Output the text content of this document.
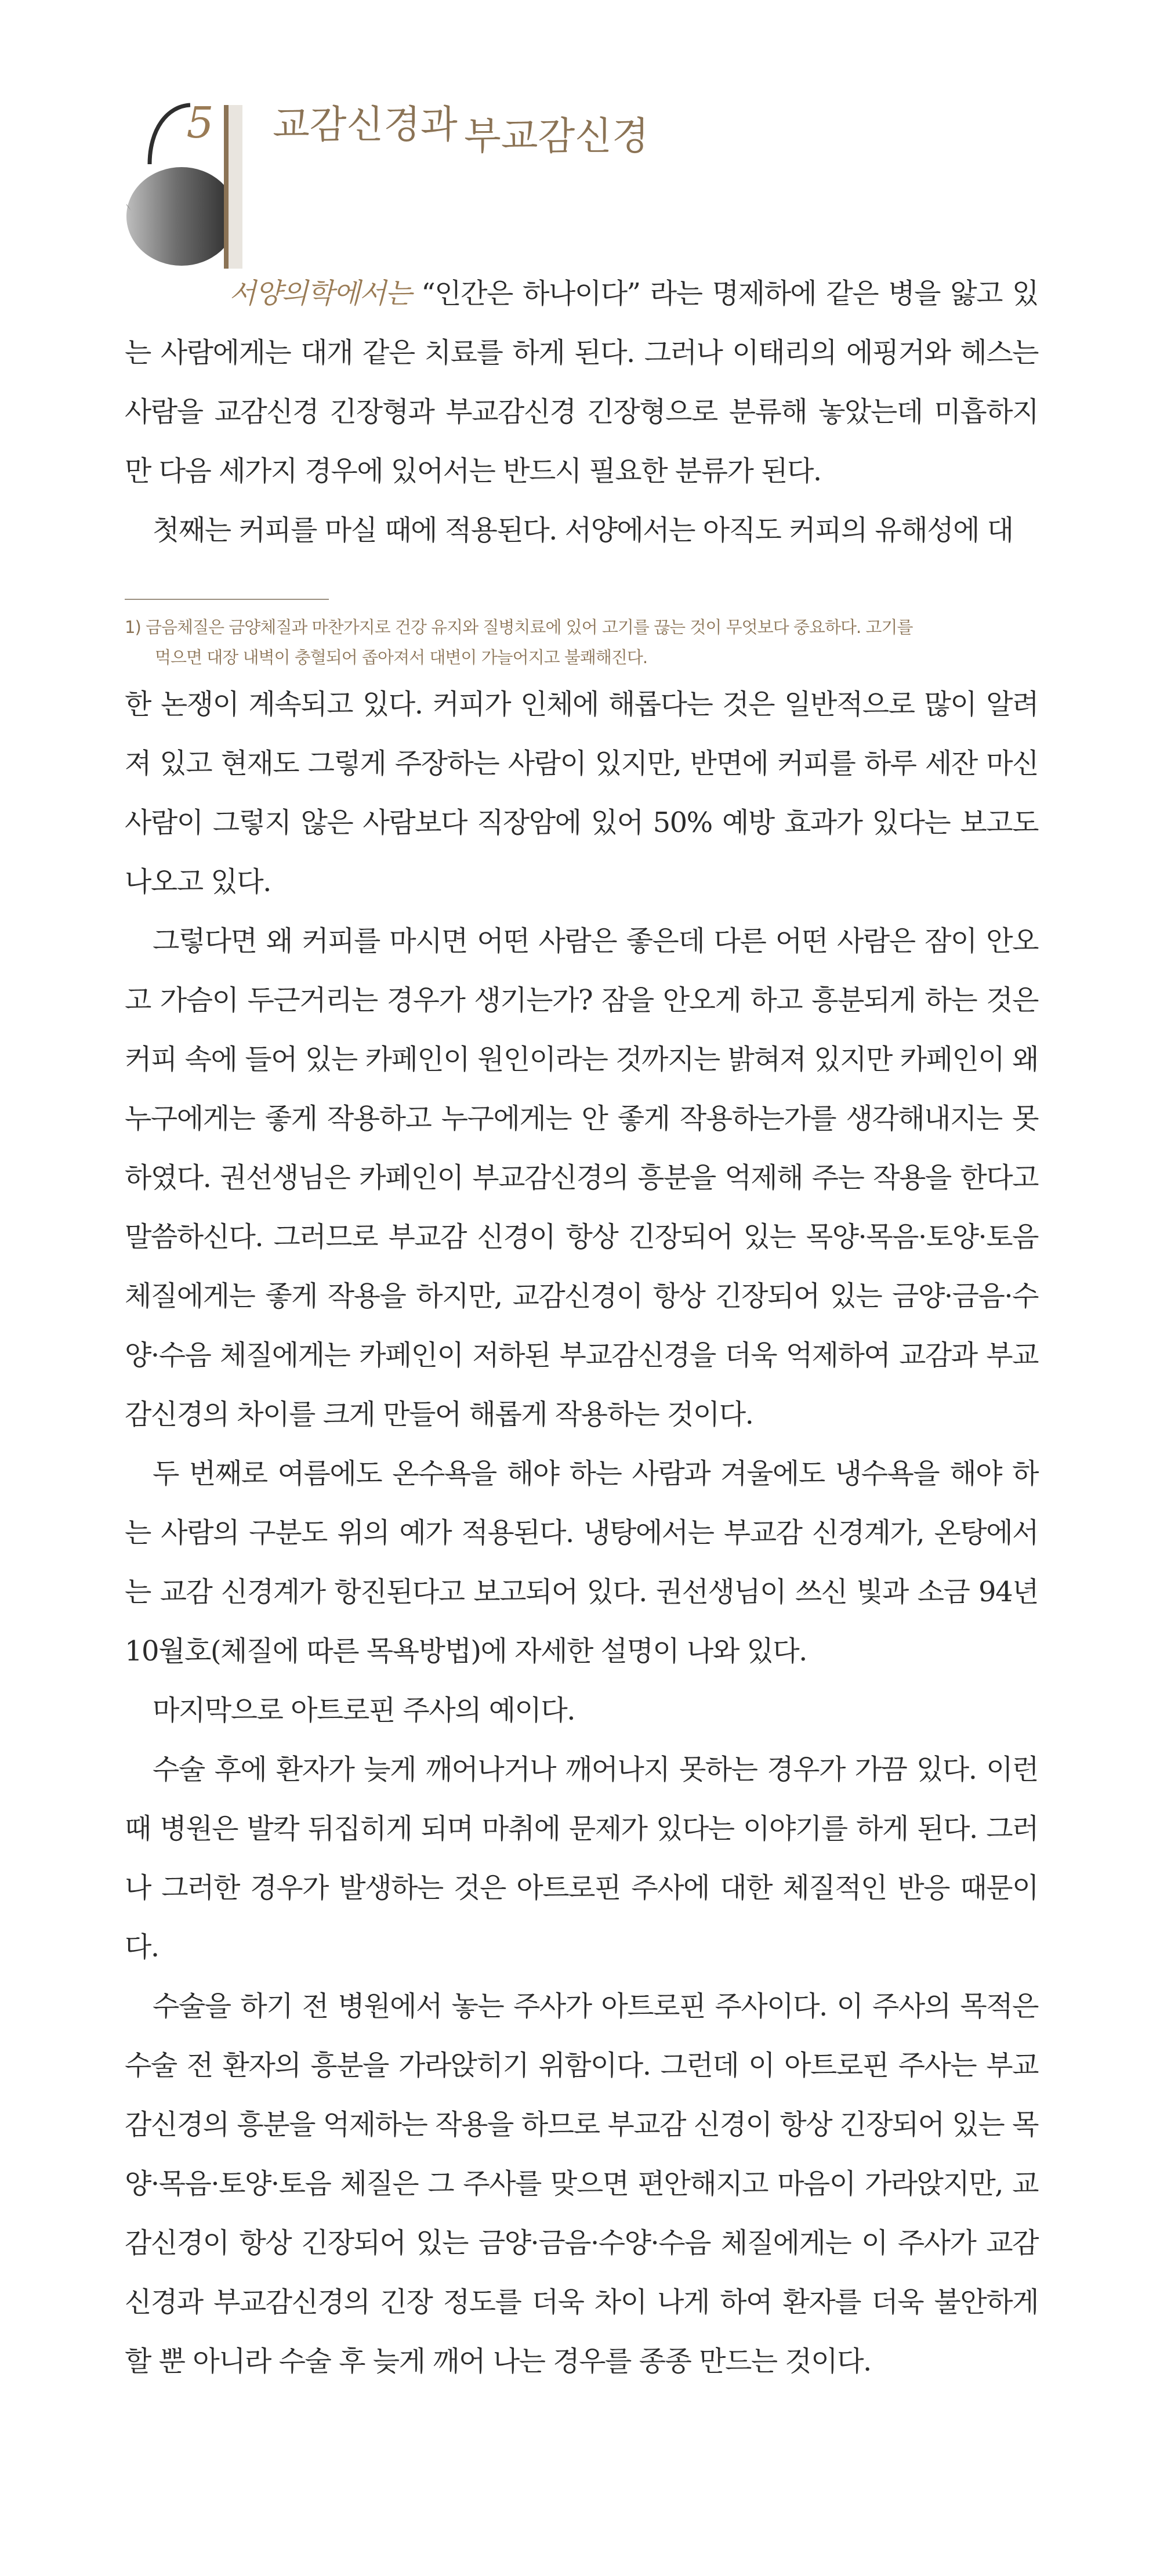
5	교감신경과 부교감신경

서양의학에서는 “인간은 하나이다” 라는 명제하에 같은 병을 앓고 있는 사람에게는 대개 같은 치료를 하게 된다. 그러나 이태리의 에핑거와 헤스는 사람을 교감신경 긴장형과 부교감신경 긴장형으로 분류해 놓았는데 미흡하지만 다음 세가지 경우에 있어서는 반드시 필요한 분류가 된다.

첫째는 커피를 마실 때에 적용된다. 서양에서는 아직도 커피의 유해성에 대

1) 금음체질은 금양체질과 마찬가지로 건강 유지와 질병치료에 있어 고기를 끊는 것이 무엇보다 중요하다. 고기를
먹으면 대장 내벽이 충혈되어 좁아져서 대변이 가늘어지고 불쾌해진다.

한 논쟁이 계속되고 있다. 커피가 인체에 해롭다는 것은 일반적으로 많이 알려져 있고 현재도 그렇게 주장하는 사람이 있지만, 반면에 커피를 하루 세잔 마신 사람이 그렇지 않은 사람보다 직장암에 있어 50% 예방 효과가 있다는 보고도 나오고 있다.

그렇다면 왜 커피를 마시면 어떤 사람은 좋은데 다른 어떤 사람은 잠이 안오고 가슴이 두근거리는 경우가 생기는가? 잠을 안오게 하고 흥분되게 하는 것은 커피 속에 들어 있는 카페인이 원인이라는 것까지는 밝혀져 있지만 카페인이 왜 누구에게는 좋게 작용하고 누구에게는 안 좋게 작용하는가를 생각해내지는 못하였다. 권선생님은 카페인이 부교감신경의 흥분을 억제해 주는 작용을 한다고 말씀하신다. 그러므로 부교감 신경이 항상 긴장되어 있는 목양·목음·토양·토음 체질에게는 좋게 작용을 하지만, 교감신경이 항상 긴장되어 있는 금양·금음·수양·수음 체질에게는 카페인이 저하된 부교감신경을 더욱 억제하여 교감과 부교감신경의 차이를 크게 만들어 해롭게 작용하는 것이다.

두 번째로 여름에도 온수욕을 해야 하는 사람과 겨울에도 냉수욕을 해야 하는 사람의 구분도 위의 예가 적용된다. 냉탕에서는 부교감 신경계가, 온탕에서는 교감 신경계가 항진된다고 보고되어 있다. 권선생님이 쓰신 빛과 소금 94년 10월호(체질에 따른 목욕방법)에 자세한 설명이 나와 있다.

마지막으로 아트로핀 주사의 예이다.

수술 후에 환자가 늦게 깨어나거나 깨어나지 못하는 경우가 가끔 있다. 이런 때 병원은 발칵 뒤집히게 되며 마취에 문제가 있다는 이야기를 하게 된다. 그러나 그러한 경우가 발생하는 것은 아트로핀 주사에 대한 체질적인 반응 때문이다.

수술을 하기 전 병원에서 놓는 주사가 아트로핀 주사이다. 이 주사의 목적은 수술 전 환자의 흥분을 가라앉히기 위함이다. 그런데 이 아트로핀 주사는 부교감신경의 흥분을 억제하는 작용을 하므로 부교감 신경이 항상 긴장되어 있는 목양·목음·토양·토음 체질은 그 주사를 맞으면 편안해지고 마음이 가라앉지만, 교감신경이 항상 긴장되어 있는 금양·금음·수양·수음 체질에게는 이 주사가 교감신경과 부교감신경의 긴장 정도를 더욱 차이 나게 하여 환자를 더욱 불안하게 할 뿐 아니라 수술 후 늦게 깨어 나는 경우를 종종 만드는 것이다.
